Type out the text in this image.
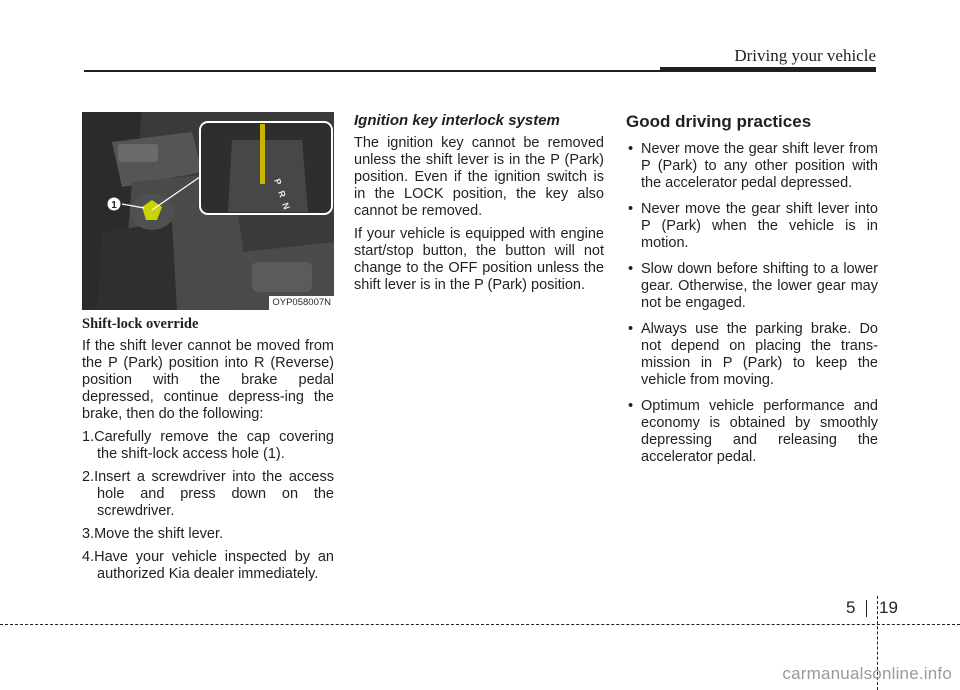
Driving your vehicle
P
R
N
1
OYP058007N
Shift-lock override

If the shift lever cannot be moved from the P (Park) position into R (Reverse) position with the brake pedal depressed, continue depress-ing the brake, then do the following:

1.Carefully remove the cap covering the shift-lock access hole (1).
2.Insert a screwdriver into the access hole and press down on the screwdriver.
3.Move the shift lever.
4.Have your vehicle inspected by an authorized Kia dealer immediately.
Ignition key interlock system

The ignition key cannot be removed unless the shift lever is in the P (Park) position. Even if the ignition switch is in the LOCK position, the key also cannot be removed.

If your vehicle is equipped with engine start/stop button, the button will not change to the OFF position unless the shift lever is in the P (Park) position.

Good driving practices
• Never move the gear shift lever from P (Park) to any other position with the accelerator pedal depressed.
• Never move the gear shift lever into P (Park) when the vehicle is in motion.
• Slow down before shifting to a lower gear. Otherwise, the lower gear may not be engaged.
• Always use the parking brake. Do not depend on placing the trans-mission in P (Park) to keep the vehicle from moving.
• Optimum vehicle performance and economy is obtained by smoothly depressing and releasing the accelerator pedal.
5 19
carmanualsonline.info
